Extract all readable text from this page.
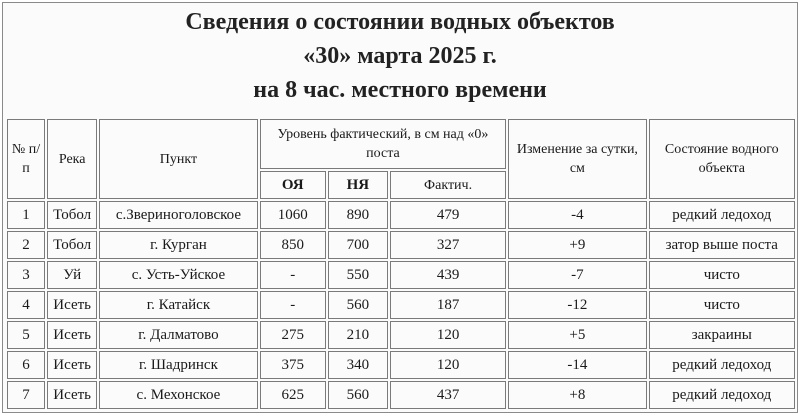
Сведения о состоянии водных объектов
«30» марта 2025 г.
на 8 час. местного времени
№ п/п	Река	Пункт	Уровень фактический, в см над «0» поста			Изменение за сутки, см	Состояние водного объекта
			ОЯ	НЯ	Фактич.		
1	Тобол	с.Звериноголовское	1060	890	479	-4	редкий ледоход
2	Тобол	г. Курган	850	700	327	+9	затор выше поста
3	Уй	с. Усть-Уйское	-	550	439	-7	чисто
4	Исеть	г. Катайск	-	560	187	-12	чисто
5	Исеть	г. Далматово	275	210	120	+5	закраины
6	Исеть	г. Шадринск	375	340	120	-14	редкий ледоход
7	Исеть	с. Мехонское	625	560	437	+8	редкий ледоход
